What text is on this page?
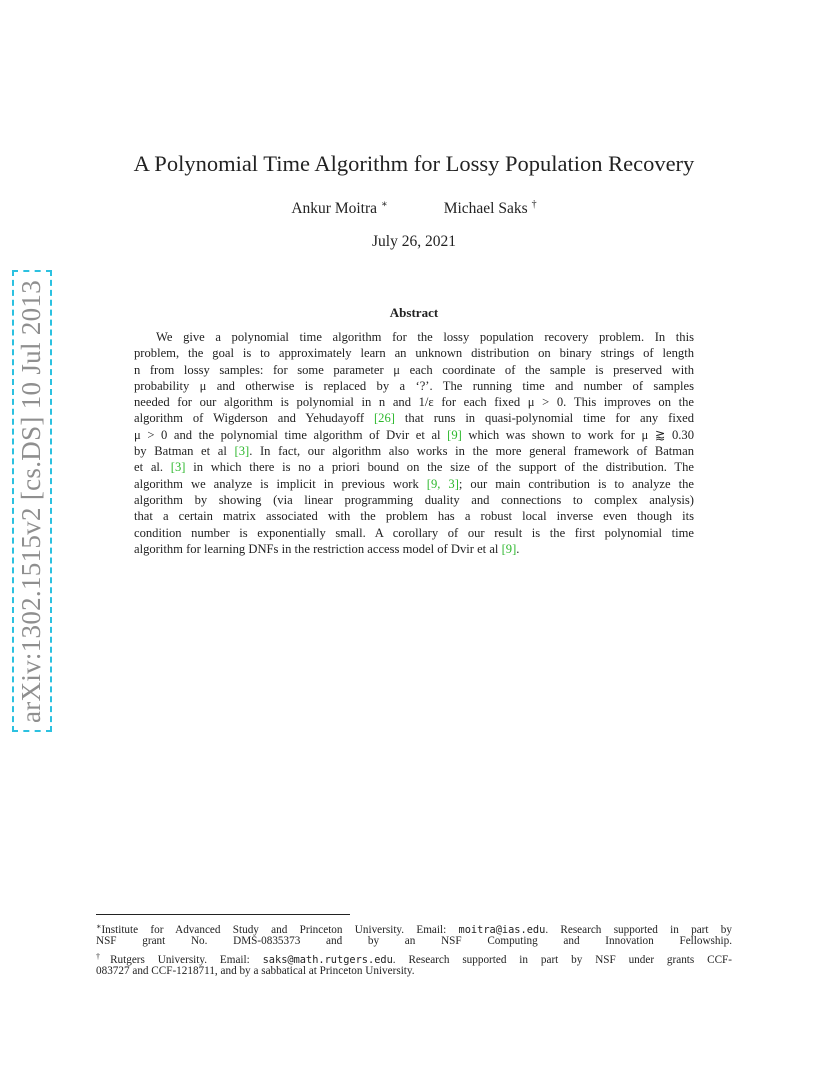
arXiv:1302.1515v2 [cs.DS] 10 Jul 2013
A Polynomial Time Algorithm for Lossy Population Recovery
Ankur Moitra ∗	Michael Saks †
July 26, 2021
Abstract
We give a polynomial time algorithm for the lossy population recovery problem. In this
problem, the goal is to approximately learn an unknown distribution on binary strings of length
n from lossy samples: for some parameter μ each coordinate of the sample is preserved with
probability μ and otherwise is replaced by a ‘?’. The running time and number of samples
needed for our algorithm is polynomial in n and 1/ε for each fixed μ > 0. This improves on the
algorithm of Wigderson and Yehudayoff [26] that runs in quasi-polynomial time for any fixed
μ > 0 and the polynomial time algorithm of Dvir et al [9] which was shown to work for μ ⪆ 0.30
by Batman et al [3]. In fact, our algorithm also works in the more general framework of Batman
et al. [3] in which there is no a priori bound on the size of the support of the distribution. The
algorithm we analyze is implicit in previous work [9, 3]; our main contribution is to analyze the
algorithm by showing (via linear programming duality and connections to complex analysis)
that a certain matrix associated with the problem has a robust local inverse even though its
condition number is exponentially small. A corollary of our result is the first polynomial time
algorithm for learning DNFs in the restriction access model of Dvir et al [9].
∗Institute for Advanced Study and Princeton University. Email: moitra@ias.edu. Research supported in part by
NSF grant No. DMS-0835373 and by an NSF Computing and Innovation Fellowship.
†Rutgers University. Email: saks@math.rutgers.edu. Research supported in part by NSF under grants CCF-
083727 and CCF-1218711, and by a sabbatical at Princeton University.
